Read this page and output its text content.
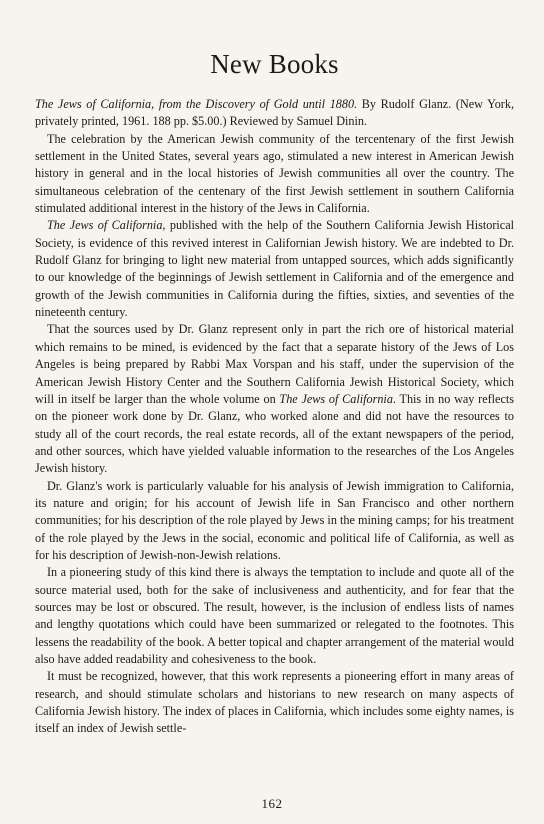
New Books

The Jews of California, from the Discovery of Gold until 1880. By Rudolf Glanz. (New York, privately printed, 1961. 188 pp. $5.00.) Reviewed by Samuel Dinin.

The celebration by the American Jewish community of the tercentenary of the first Jewish settlement in the United States, several years ago, stimulated a new interest in American Jewish history in general and in the local histories of Jewish communities all over the country. The simultaneous celebration of the centenary of the first Jewish settlement in southern California stimulated additional interest in the history of the Jews in California.

The Jews of California, published with the help of the Southern California Jewish Historical Society, is evidence of this revived interest in Californian Jewish history. We are indebted to Dr. Rudolf Glanz for bringing to light new material from untapped sources, which adds significantly to our knowledge of the beginnings of Jewish settlement in California and of the emergence and growth of the Jewish communities in California during the fifties, sixties, and seventies of the nineteenth century.

That the sources used by Dr. Glanz represent only in part the rich ore of historical material which remains to be mined, is evidenced by the fact that a separate history of the Jews of Los Angeles is being prepared by Rabbi Max Vorspan and his staff, under the supervision of the American Jewish History Center and the Southern California Jewish Historical Society, which will in itself be larger than the whole volume on The Jews of California. This in no way reflects on the pioneer work done by Dr. Glanz, who worked alone and did not have the resources to study all of the court records, the real estate records, all of the extant newspapers of the period, and other sources, which have yielded valuable information to the researches of the Los Angeles Jewish history.

Dr. Glanz's work is particularly valuable for his analysis of Jewish immigration to California, its nature and origin; for his account of Jewish life in San Francisco and other northern communities; for his description of the role played by Jews in the mining camps; for his treatment of the role played by the Jews in the social, economic and political life of California, as well as for his description of Jewish-non-Jewish relations.

In a pioneering study of this kind there is always the temptation to include and quote all of the source material used, both for the sake of inclusiveness and authenticity, and for fear that the sources may be lost or obscured. The result, however, is the inclusion of endless lists of names and lengthy quotations which could have been summarized or relegated to the footnotes. This lessens the readability of the book. A better topical and chapter arrangement of the material would also have added readability and cohesiveness to the book.

It must be recognized, however, that this work represents a pioneering effort in many areas of research, and should stimulate scholars and historians to new research on many aspects of California Jewish history. The index of places in California, which includes some eighty names, is itself an index of Jewish settle-

162
